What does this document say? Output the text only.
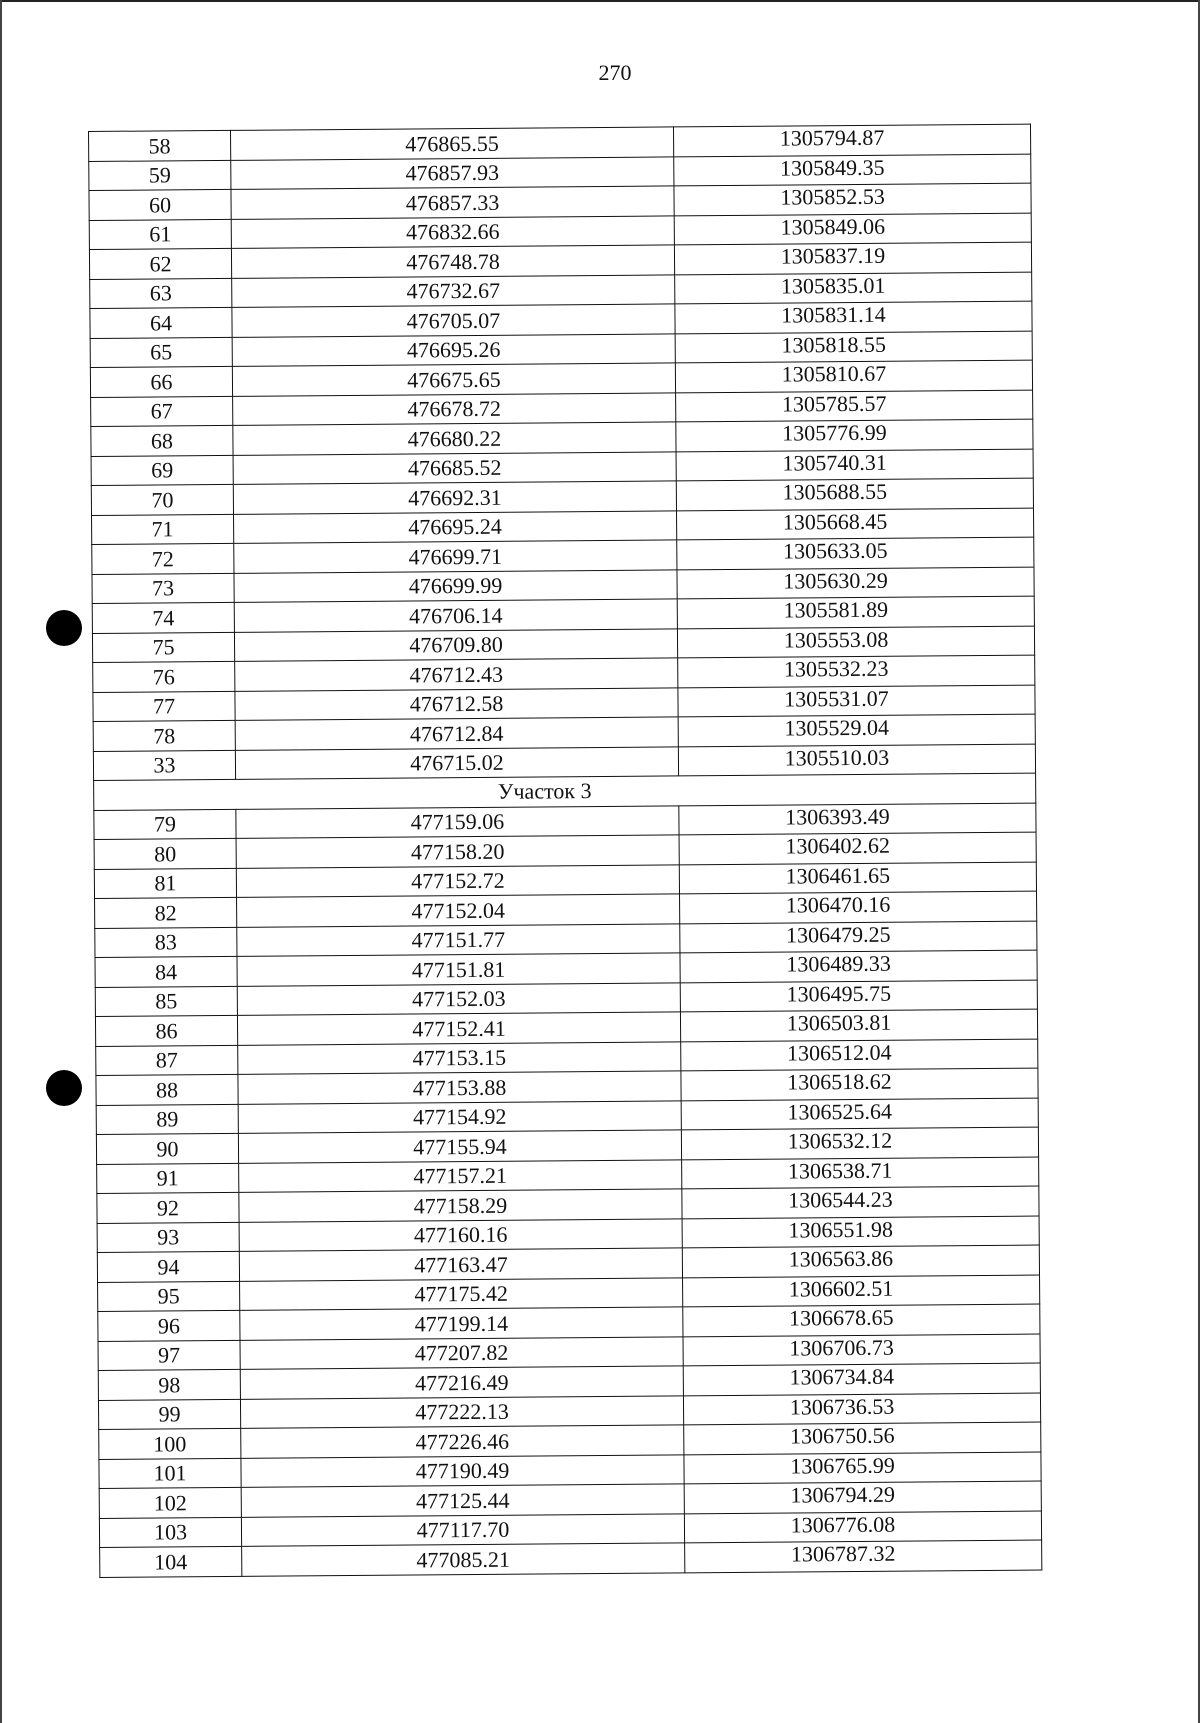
270
58	476865.55	1305794.87
59	476857.93	1305849.35
60	476857.33	1305852.53
61	476832.66	1305849.06
62	476748.78	1305837.19
63	476732.67	1305835.01
64	476705.07	1305831.14
65	476695.26	1305818.55
66	476675.65	1305810.67
67	476678.72	1305785.57
68	476680.22	1305776.99
69	476685.52	1305740.31
70	476692.31	1305688.55
71	476695.24	1305668.45
72	476699.71	1305633.05
73	476699.99	1305630.29
74	476706.14	1305581.89
75	476709.80	1305553.08
76	476712.43	1305532.23
77	476712.58	1305531.07
78	476712.84	1305529.04
33	476715.02	1305510.03
Участок 3		
79	477159.06	1306393.49
80	477158.20	1306402.62
81	477152.72	1306461.65
82	477152.04	1306470.16
83	477151.77	1306479.25
84	477151.81	1306489.33
85	477152.03	1306495.75
86	477152.41	1306503.81
87	477153.15	1306512.04
88	477153.88	1306518.62
89	477154.92	1306525.64
90	477155.94	1306532.12
91	477157.21	1306538.71
92	477158.29	1306544.23
93	477160.16	1306551.98
94	477163.47	1306563.86
95	477175.42	1306602.51
96	477199.14	1306678.65
97	477207.82	1306706.73
98	477216.49	1306734.84
99	477222.13	1306736.53
100	477226.46	1306750.56
101	477190.49	1306765.99
102	477125.44	1306794.29
103	477117.70	1306776.08
104	477085.21	1306787.32
